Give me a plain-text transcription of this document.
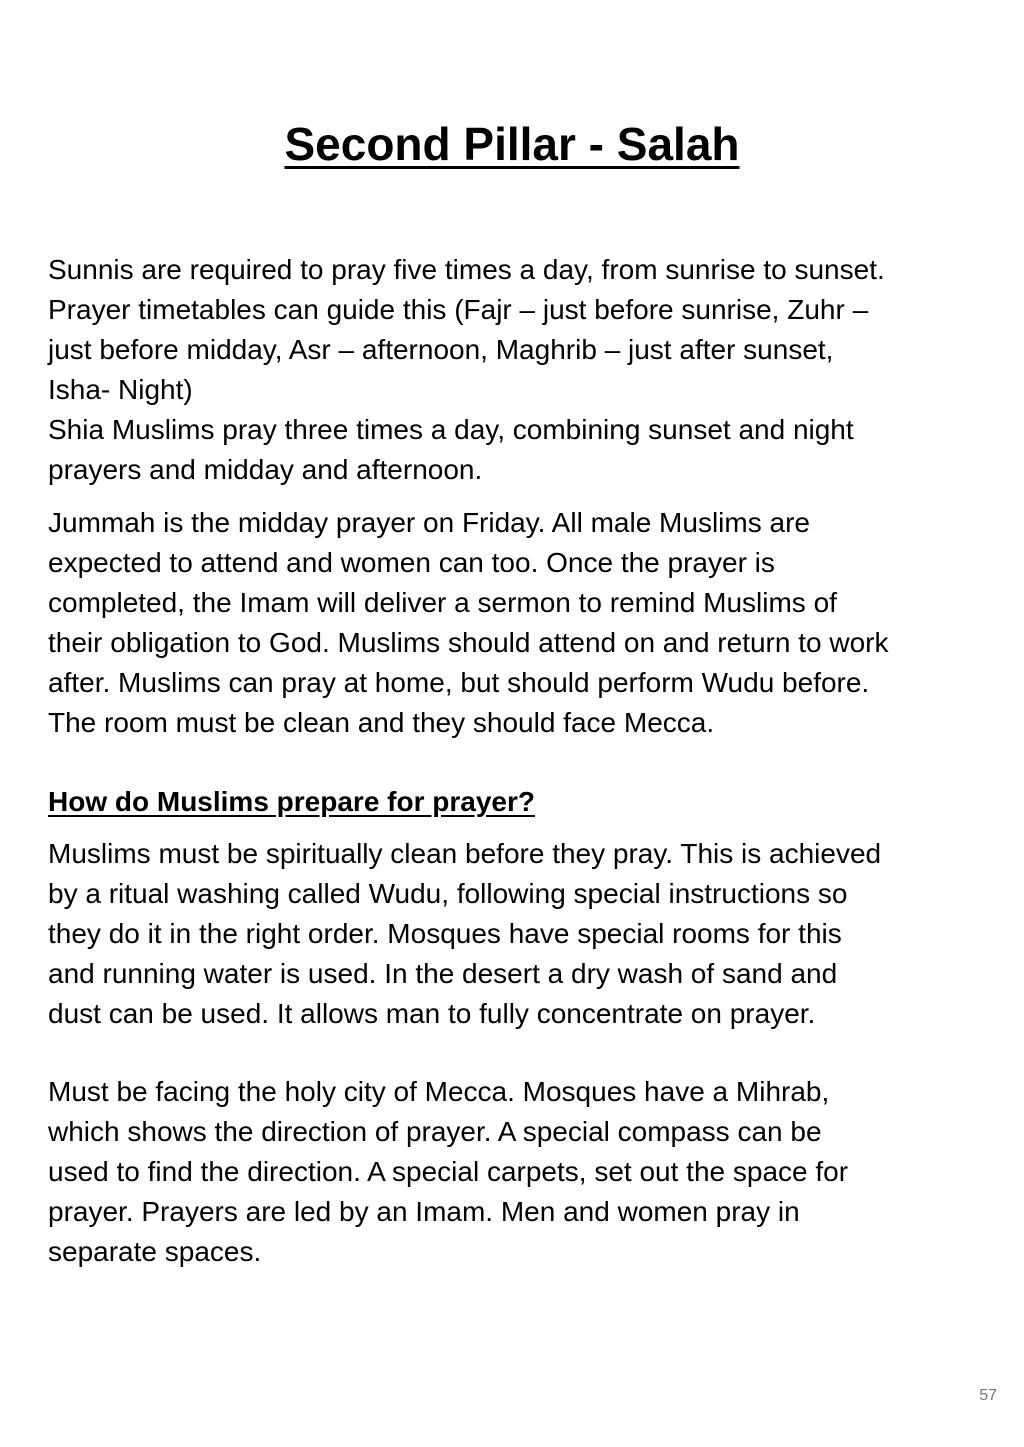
Second Pillar - Salah

Sunnis are required to pray five times a day, from sunrise to sunset.
Prayer timetables can guide this (Fajr – just before sunrise, Zuhr –
just before midday, Asr – afternoon, Maghrib – just after sunset,
Isha- Night)
Shia Muslims pray three times a day, combining sunset and night
prayers and midday and afternoon.

Jummah is the midday prayer on Friday. All male Muslims are
expected to attend and women can too. Once the prayer is
completed, the Imam will deliver a sermon to remind Muslims of
their obligation to God. Muslims should attend on and return to work
after. Muslims can pray at home, but should perform Wudu before.
The room must be clean and they should face Mecca.

How do Muslims prepare for prayer?

Muslims must be spiritually clean before they pray. This is achieved
by a ritual washing called Wudu, following special instructions so
they do it in the right order. Mosques have special rooms for this
and running water is used. In the desert a dry wash of sand and
dust can be used. It allows man to fully concentrate on prayer.

Must be facing the holy city of Mecca. Mosques have a Mihrab,
which shows the direction of prayer. A special compass can be
used to find the direction. A special carpets, set out the space for
prayer. Prayers are led by an Imam. Men and women pray in
separate spaces.

57
